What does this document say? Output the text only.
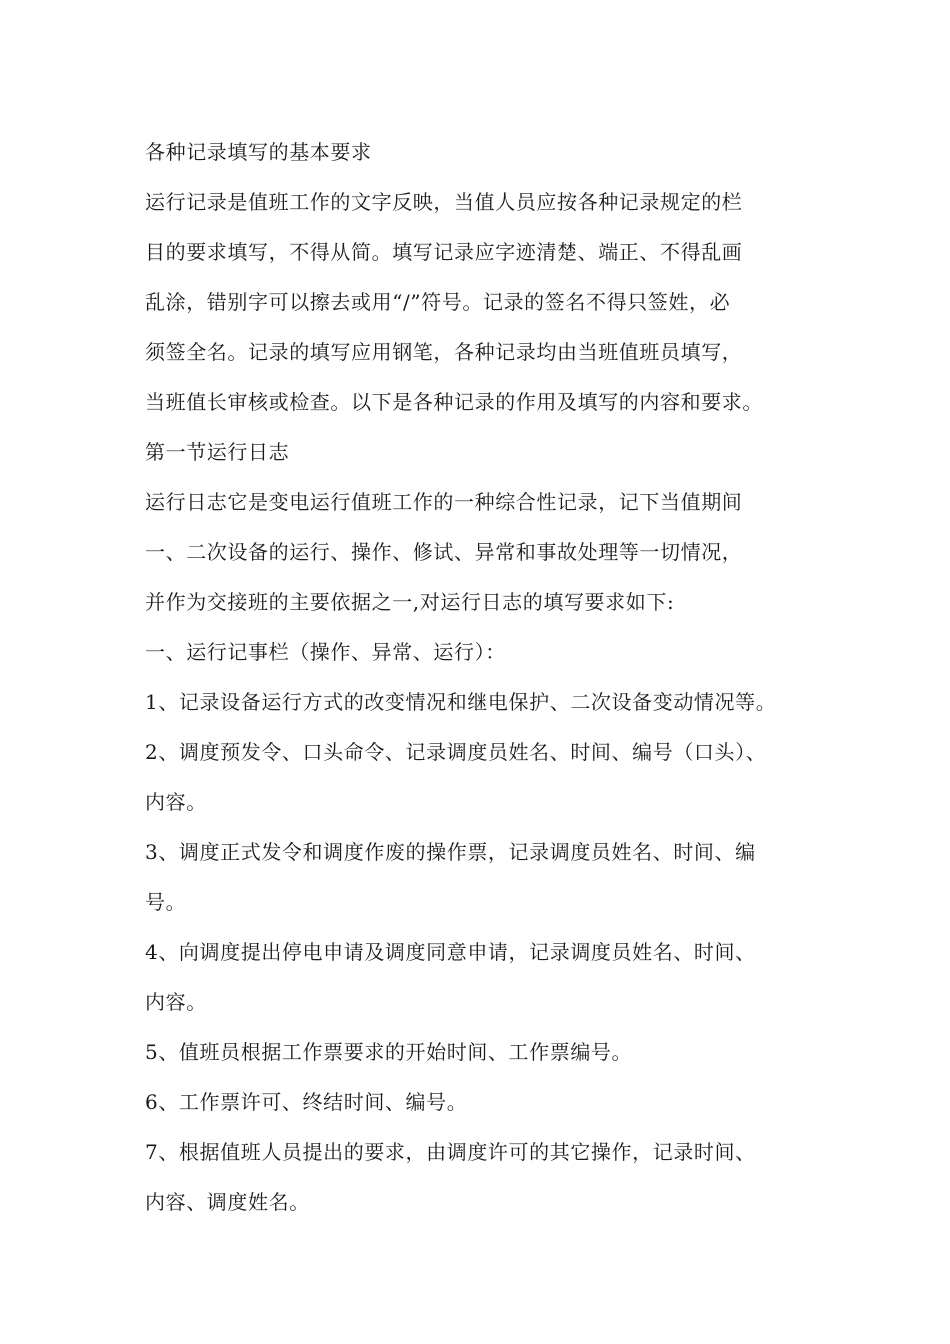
各种记录填写的基本要求
运行记录是值班工作的文字反映，当值人员应按各种记录规定的栏
目的要求填写，不得从简。填写记录应字迹清楚、端正、不得乱画
乱涂，错别字可以擦去或用“/”符号。记录的签名不得只签姓，必
须签全名。记录的填写应用钢笔，各种记录均由当班值班员填写，
当班值长审核或检查。以下是各种记录的作用及填写的内容和要求。
第一节运行日志
运行日志它是变电运行值班工作的一种综合性记录，记下当值期间
一、二次设备的运行、操作、修试、异常和事故处理等一切情况，
并作为交接班的主要依据之一,对运行日志的填写要求如下:
一、运行记事栏（操作、异常、运行）：
1、记录设备运行方式的改变情况和继电保护、二次设备变动情况等。
2、调度预发令、口头命令、记录调度员姓名、时间、编号（口头）、
内容。
3、调度正式发令和调度作废的操作票，记录调度员姓名、时间、编
号。
4、向调度提出停电申请及调度同意申请，记录调度员姓名、时间、
内容。
5、值班员根据工作票要求的开始时间、工作票编号。
6、工作票许可、终结时间、编号。
7、根据值班人员提出的要求，由调度许可的其它操作，记录时间、
内容、调度姓名。
